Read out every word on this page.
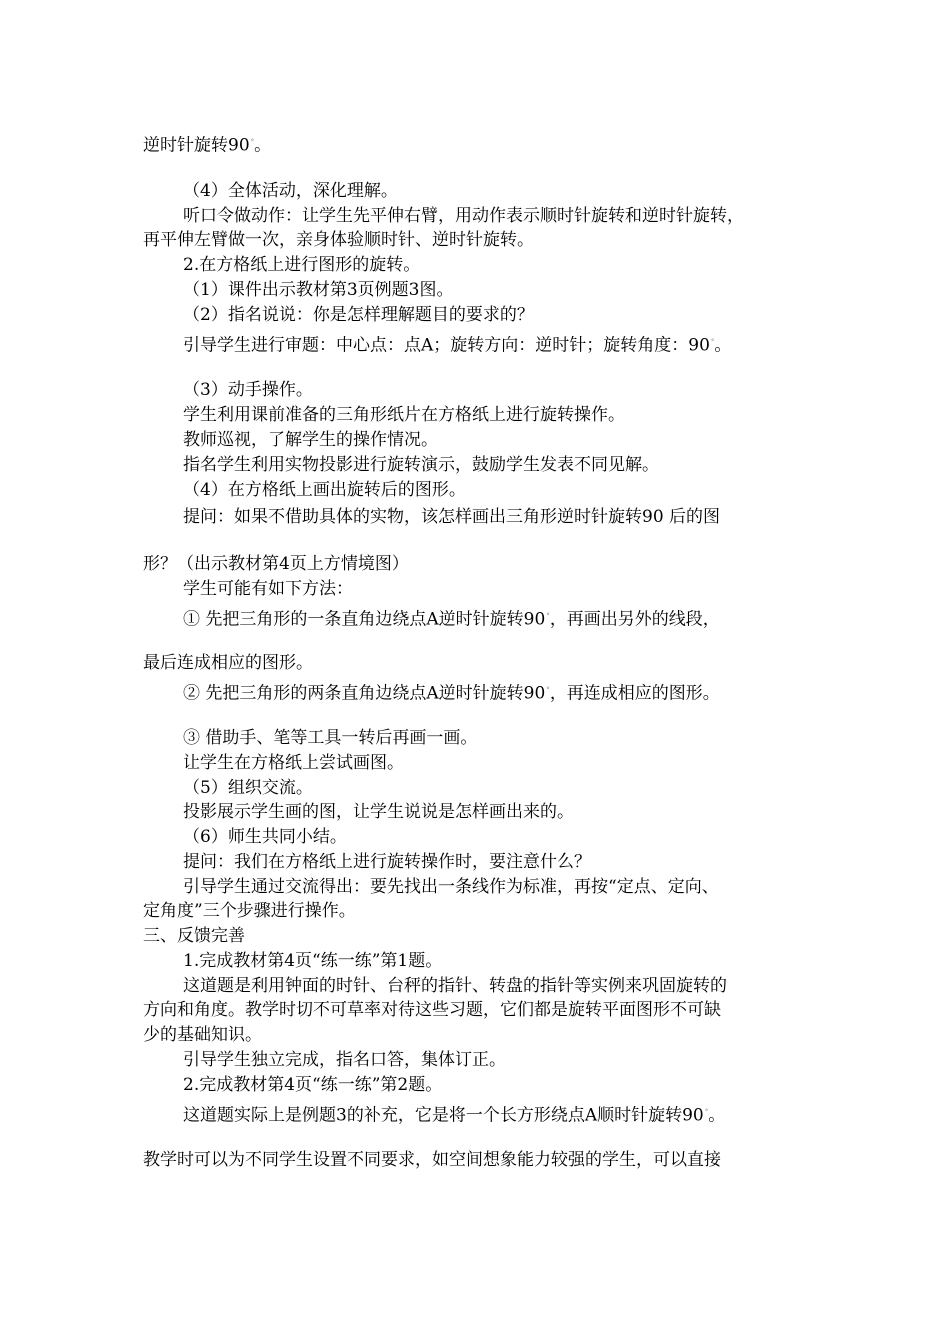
逆时针旋转90°。
（4）全体活动，深化理解。
听口令做动作：让学生先平伸右臂，用动作表示顺时针旋转和逆时针旋转，
再平伸左臂做一次，亲身体验顺时针、逆时针旋转。
2.在方格纸上进行图形的旋转。
（1）课件出示教材第3页例题3图。
（2）指名说说：你是怎样理解题目的要求的？
引导学生进行审题：中心点：点A；旋转方向：逆时针；旋转角度：90°。
（3）动手操作。
学生利用课前准备的三角形纸片在方格纸上进行旋转操作。
教师巡视，了解学生的操作情况。
指名学生利用实物投影进行旋转演示，鼓励学生发表不同见解。
（4）在方格纸上画出旋转后的图形。
提问：如果不借助具体的实物，该怎样画出三角形逆时针旋转90 后的图
形？（出示教材第4页上方情境图）
学生可能有如下方法：
① 先把三角形的一条直角边绕点A逆时针旋转90°，再画出另外的线段，
最后连成相应的图形。
② 先把三角形的两条直角边绕点A逆时针旋转90°，再连成相应的图形。
③ 借助手、笔等工具一转后再画一画。
让学生在方格纸上尝试画图。
（5）组织交流。
投影展示学生画的图，让学生说说是怎样画出来的。
（6）师生共同小结。
提问：我们在方格纸上进行旋转操作时，要注意什么？
引导学生通过交流得出：要先找出一条线作为标准，再按“定点、定向、
定角度”三个步骤进行操作。
三、反馈完善
1.完成教材第4页“练一练”第1题。
这道题是利用钟面的时针、台秤的指针、转盘的指针等实例来巩固旋转的
方向和角度。教学时切不可草率对待这些习题，它们都是旋转平面图形不可缺
少的基础知识。
引导学生独立完成，指名口答，集体订正。
2.完成教材第4页“练一练”第2题。
这道题实际上是例题3的补充，它是将一个长方形绕点A顺时针旋转90°。
教学时可以为不同学生设置不同要求，如空间想象能力较强的学生，可以直接
